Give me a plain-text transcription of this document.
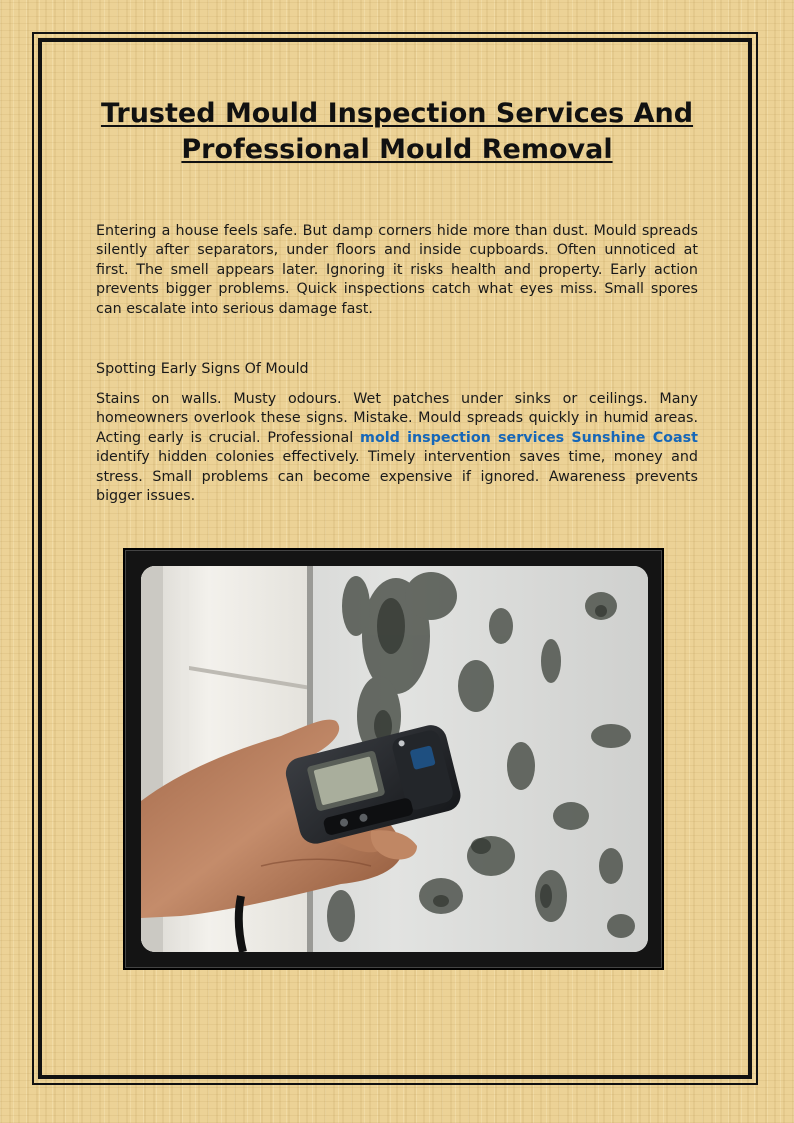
Trusted Mould Inspection Services And Professional Mould Removal

Entering a house feels safe. But damp corners hide more than dust. Mould spreads silently after separators, under floors and inside cupboards. Often unnoticed at first. The smell appears later. Ignoring it risks health and property. Early action prevents bigger problems. Quick inspections catch what eyes miss. Small spores can escalate into serious damage fast.

Spotting Early Signs Of Mould

Stains on walls. Musty odours. Wet patches under sinks or ceilings. Many homeowners overlook these signs. Mistake. Mould spreads quickly in humid areas. Acting early is crucial. Professional mold inspection services Sunshine Coast identify hidden colonies effectively. Timely intervention saves time, money and stress. Small problems can become expensive if ignored. Awareness prevents bigger issues.
